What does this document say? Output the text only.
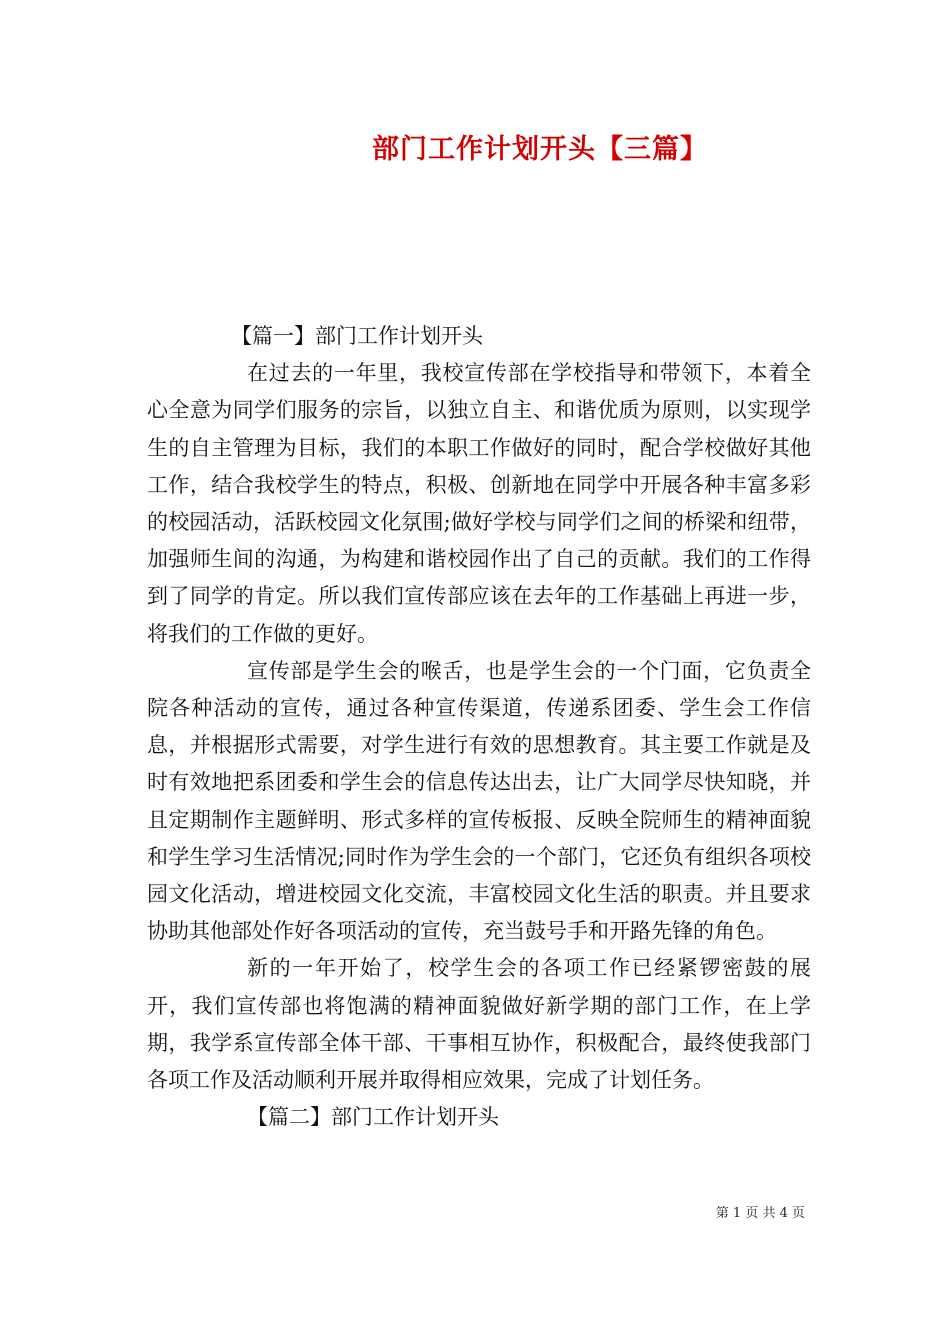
部门工作计划开头【三篇】

【篇一】部门工作计划开头

在过去的一年里，我校宣传部在学校指导和带领下，本着全心全意为同学们服务的宗旨，以独立自主、和谐优质为原则，以实现学生的自主管理为目标，我们的本职工作做好的同时，配合学校做好其他工作，结合我校学生的特点，积极、创新地在同学中开展各种丰富多彩的校园活动，活跃校园文化氛围;做好学校与同学们之间的桥梁和纽带，加强师生间的沟通，为构建和谐校园作出了自己的贡献。我们的工作得到了同学的肯定。所以我们宣传部应该在去年的工作基础上再进一步，将我们的工作做的更好。

宣传部是学生会的喉舌，也是学生会的一个门面，它负责全院各种活动的宣传，通过各种宣传渠道，传递系团委、学生会工作信息，并根据形式需要，对学生进行有效的思想教育。其主要工作就是及时有效地把系团委和学生会的信息传达出去，让广大同学尽快知晓，并且定期制作主题鲜明、形式多样的宣传板报、反映全院师生的精神面貌和学生学习生活情况;同时作为学生会的一个部门，它还负有组织各项校园文化活动，增进校园文化交流，丰富校园文化生活的职责。并且要求协助其他部处作好各项活动的宣传，充当鼓号手和开路先锋的角色。

新的一年开始了，校学生会的各项工作已经紧锣密鼓的展开，我们宣传部也将饱满的精神面貌做好新学期的部门工作，在上学期，我学系宣传部全体干部、干事相互协作，积极配合，最终使我部门各项工作及活动顺利开展并取得相应效果，完成了计划任务。

【篇二】部门工作计划开头

第 1 页 共 4 页
